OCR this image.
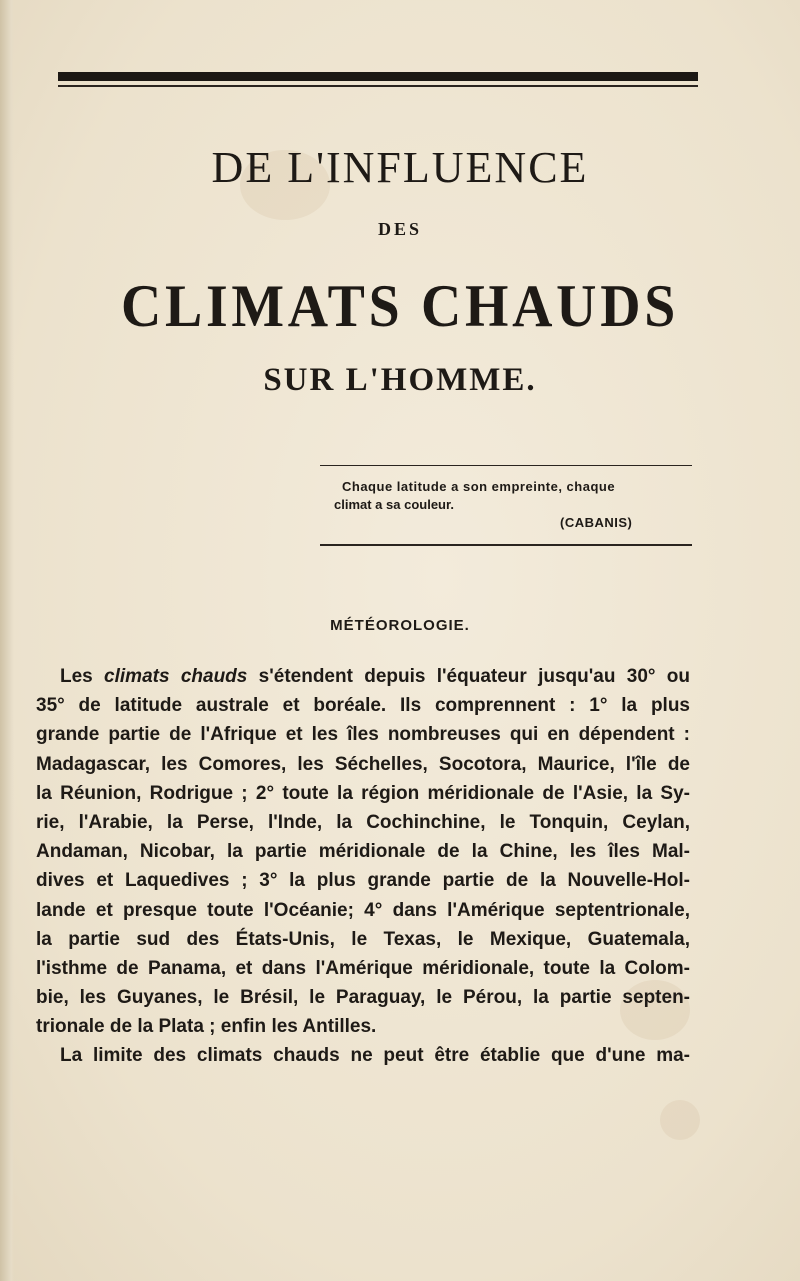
DE L'INFLUENCE
DES
CLIMATS CHAUDS
SUR L'HOMME.
Chaque latitude a son empreinte, chaque
climat a sa couleur.
(CABANIS)
MÉTÉOROLOGIE.
Les climats chauds s'étendent depuis l'équateur jusqu'au 30° ou
35° de latitude australe et boréale. Ils comprennent : 1° la plus
grande partie de l'Afrique et les îles nombreuses qui en dépendent :
Madagascar, les Comores, les Séchelles, Socotora, Maurice, l'île de
la Réunion, Rodrigue ; 2° toute la région méridionale de l'Asie, la Sy-
rie, l'Arabie, la Perse, l'Inde, la Cochinchine, le Tonquin, Ceylan,
Andaman, Nicobar, la partie méridionale de la Chine, les îles Mal-
dives et Laquedives ; 3° la plus grande partie de la Nouvelle-Hol-
lande et presque toute l'Océanie; 4° dans l'Amérique septentrionale,
la partie sud des États-Unis, le Texas, le Mexique, Guatemala,
l'isthme de Panama, et dans l'Amérique méridionale, toute la Colom-
bie, les Guyanes, le Brésil, le Paraguay, le Pérou, la partie septen-
trionale de la Plata ; enfin les Antilles.
La limite des climats chauds ne peut être établie que d'une ma-
